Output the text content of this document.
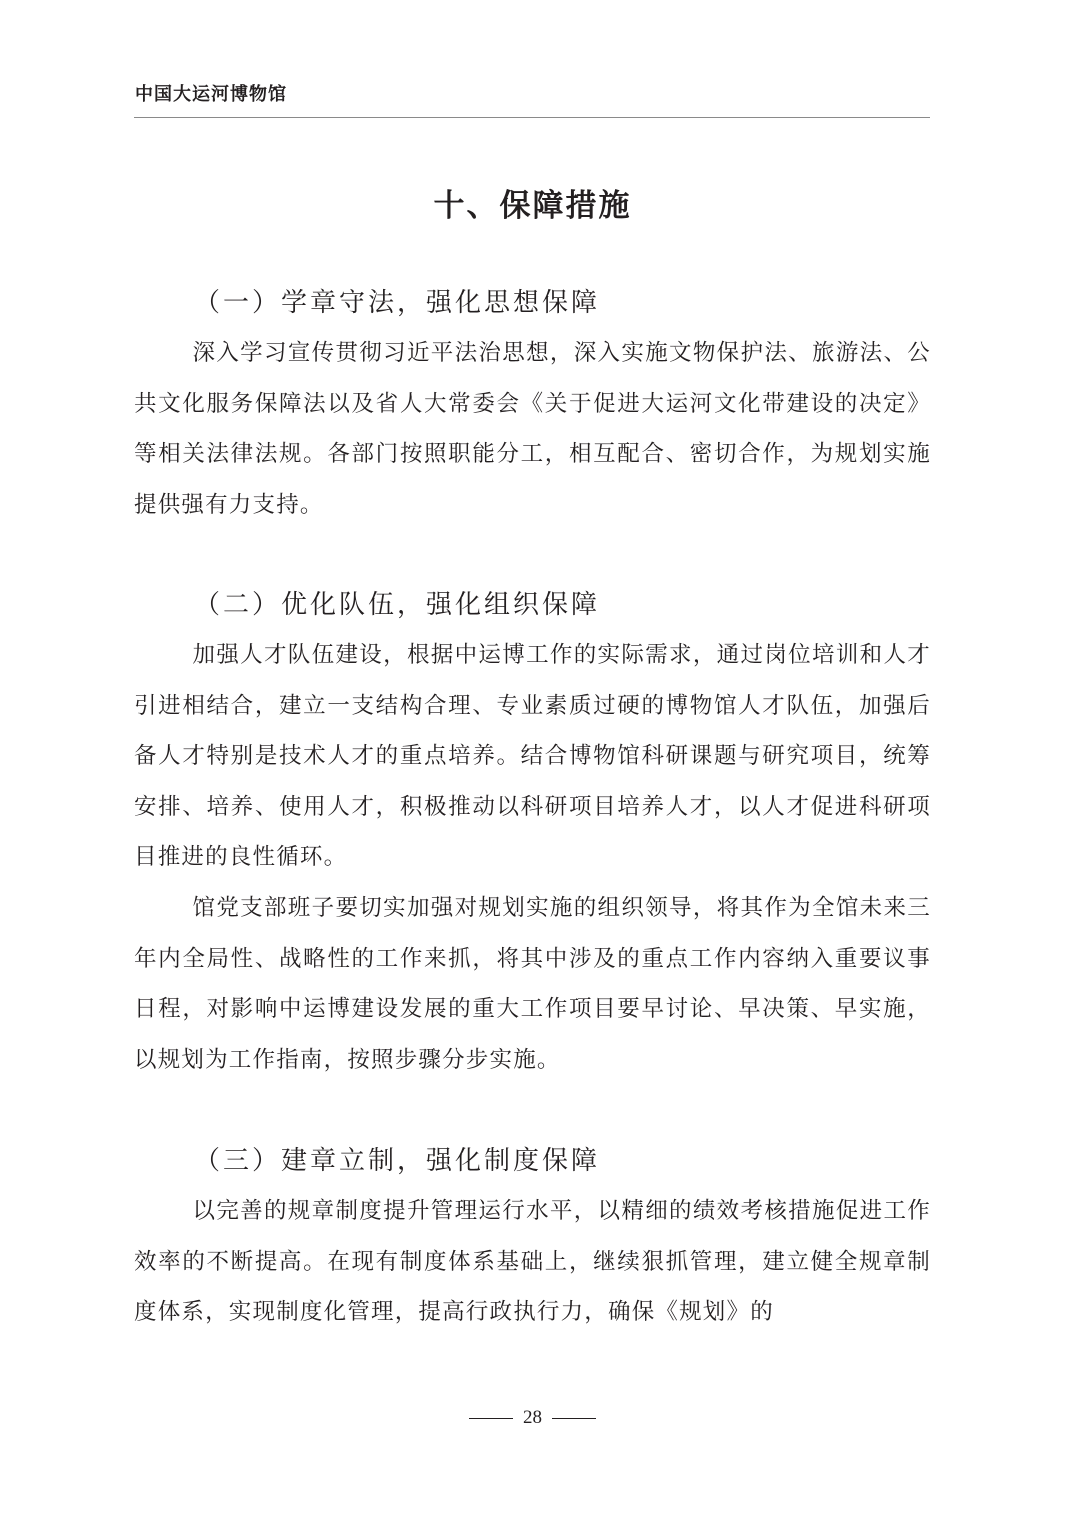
中国大运河博物馆
十、保障措施
（一）学章守法，强化思想保障

深入学习宣传贯彻习近平法治思想，深入实施文物保护法、旅游法、公共文化服务保障法以及省人大常委会《关于促进大运河文化带建设的决定》等相关法律法规。各部门按照职能分工，相互配合、密切合作，为规划实施提供强有力支持。

（二）优化队伍，强化组织保障

加强人才队伍建设，根据中运博工作的实际需求，通过岗位培训和人才引进相结合，建立一支结构合理、专业素质过硬的博物馆人才队伍，加强后备人才特别是技术人才的重点培养。结合博物馆科研课题与研究项目，统筹安排、培养、使用人才，积极推动以科研项目培养人才，以人才促进科研项目推进的良性循环。

馆党支部班子要切实加强对规划实施的组织领导，将其作为全馆未来三年内全局性、战略性的工作来抓，将其中涉及的重点工作内容纳入重要议事日程，对影响中运博建设发展的重大工作项目要早讨论、早决策、早实施，以规划为工作指南，按照步骤分步实施。

（三）建章立制，强化制度保障

以完善的规章制度提升管理运行水平，以精细的绩效考核措施促进工作效率的不断提高。在现有制度体系基础上，继续狠抓管理，建立健全规章制度体系，实现制度化管理，提高行政执行力，确保《规划》的

28
